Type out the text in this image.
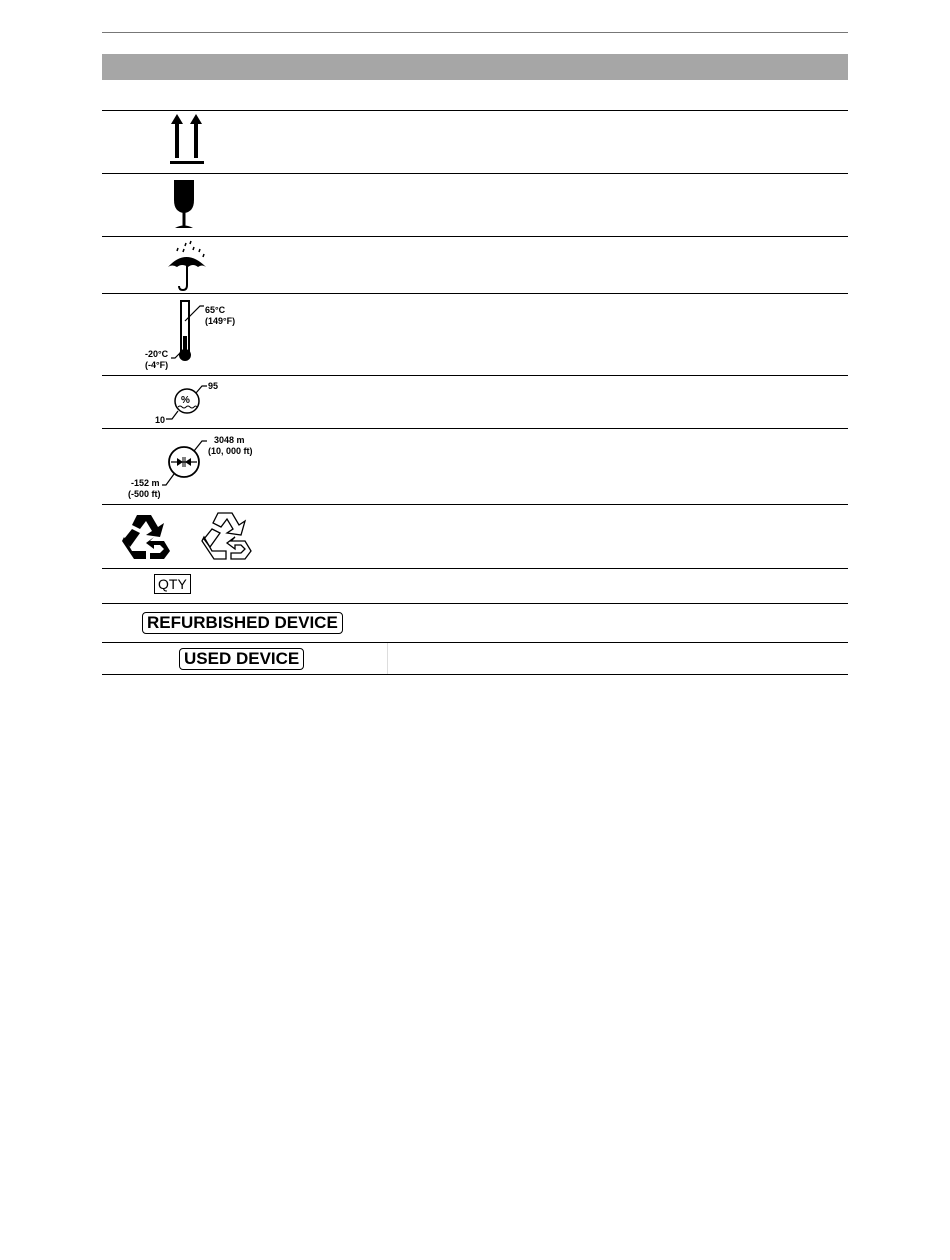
65°C
(149°F)
-20°C
(-4°F)
%
95
10
3048 m
(10, 000 ft)
-152 m
(-500 ft)
QTY
REFURBISHED DEVICE
USED DEVICE
